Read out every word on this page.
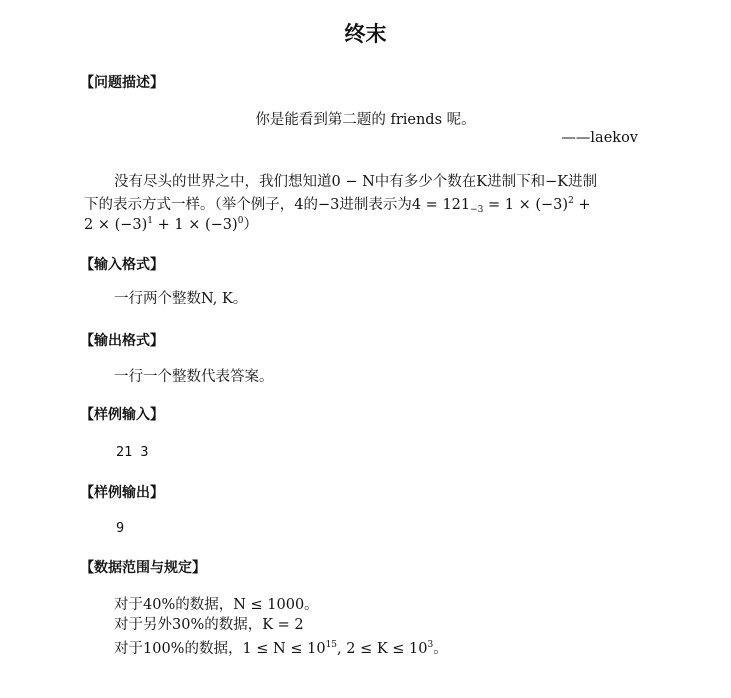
终末
【问题描述】
你是能看到第二题的 friends 呢。
——laekov
没有尽头的世界之中，我们想知道0 − N中有多少个数在K进制下和−K进制
下的表示方式一样。（举个例子，4的−3进制表示为$4 = 121_{-3} = 1 \times (-3)^2$ +
$2 \times (-3)^1 + 1 \times (-3)^0$）
【输入格式】
一行两个整数N, K。
【输出格式】
一行一个整数代表答案。
【样例输入】
21 3
【样例输出】
9
【数据范围与规定】
对于40%的数据，N ≤ 1000。
对于另外30%的数据，K = 2
对于100%的数据，$1 \le N \le 10^{15}$, $2 \le K \le 10^3$。
